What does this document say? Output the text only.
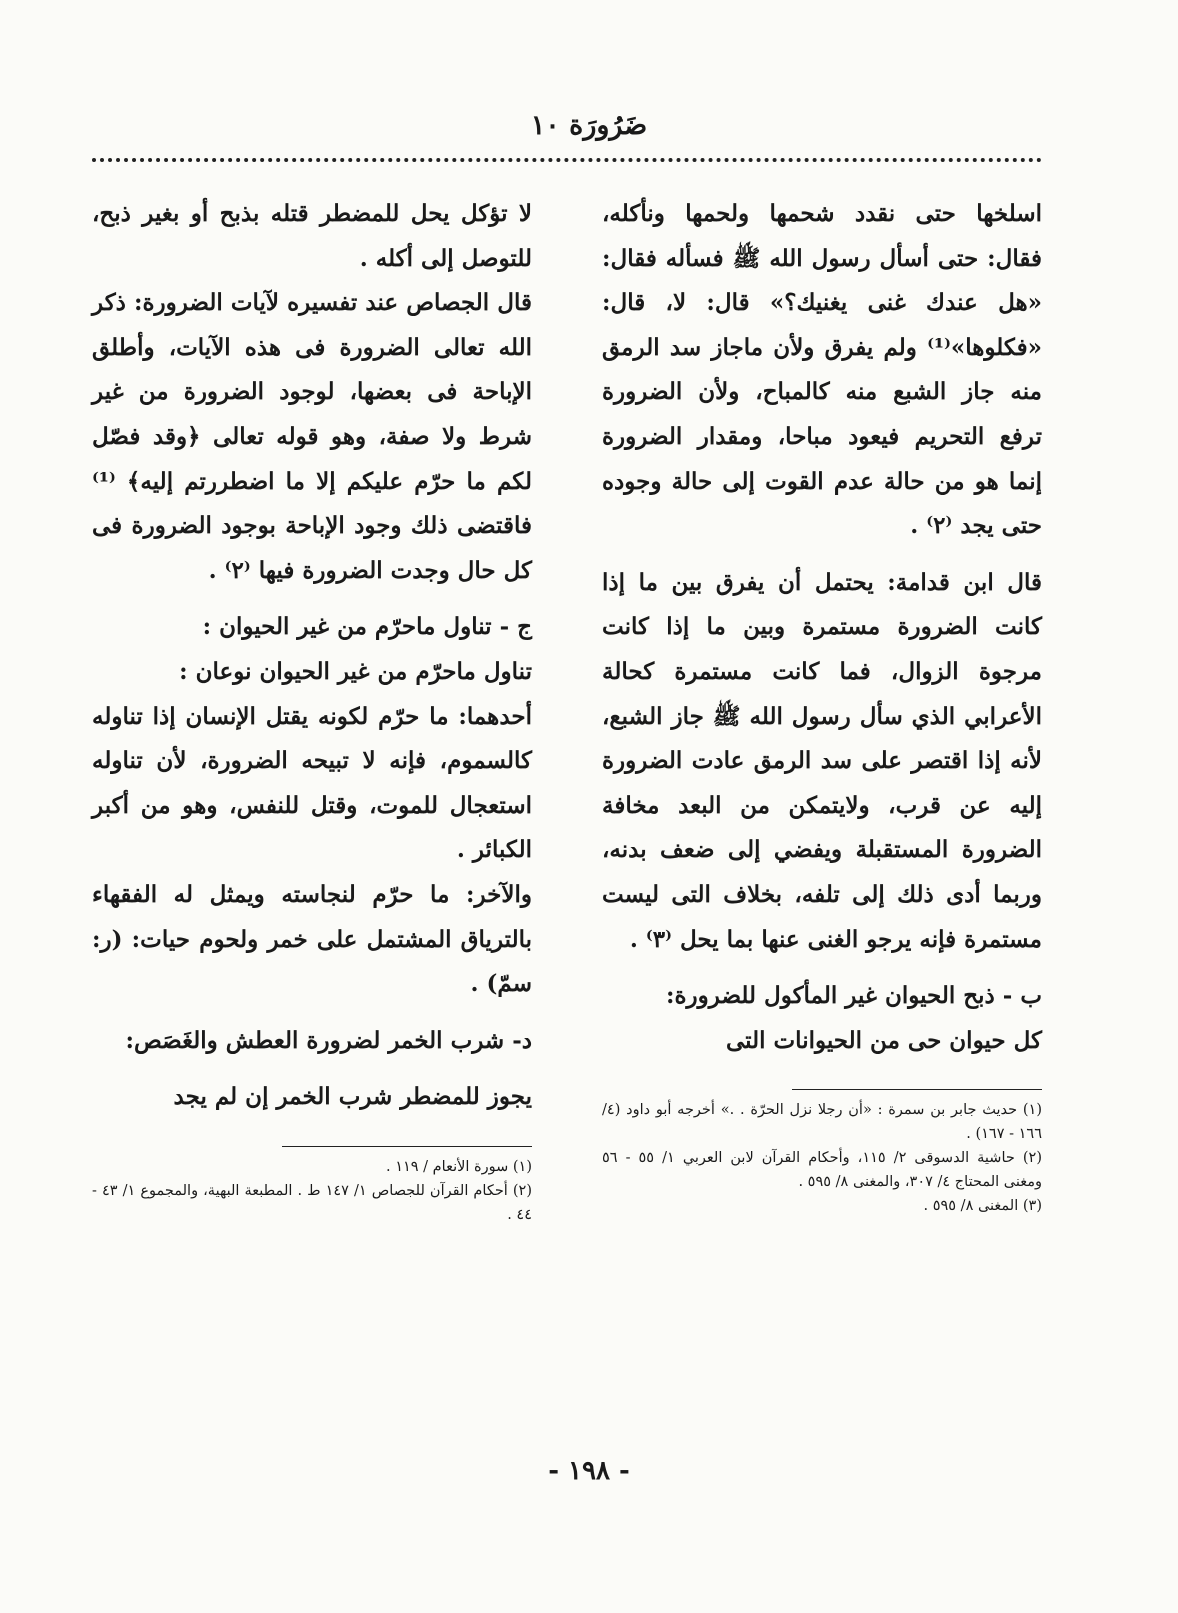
ضَرُورَة ١٠

اسلخها حتى نقدد شحمها ولحمها ونأكله، فقال: حتى أسأل رسول الله ﷺ فسأله فقال: «هل عندك غنى يغنيك؟» قال: لا، قال: «فكلوها»⁽¹⁾ ولم يفرق ولأن ماجاز سد الرمق منه جاز الشبع منه كالمباح، ولأن الضرورة ترفع التحريم فيعود مباحا، ومقدار الضرورة إنما هو من حالة عدم القوت إلى حالة وجوده حتى يجد ⁽٢⁾ .

قال ابن قدامة: يحتمل أن يفرق بين ما إذا كانت الضرورة مستمرة وبين ما إذا كانت مرجوة الزوال، فما كانت مستمرة كحالة الأعرابي الذي سأل رسول الله ﷺ جاز الشبع، لأنه إذا اقتصر على سد الرمق عادت الضرورة إليه عن قرب، ولايتمكن من البعد مخافة الضرورة المستقبلة ويفضي إلى ضعف بدنه، وربما أدى ذلك إلى تلفه، بخلاف التى ليست مستمرة فإنه يرجو الغنى عنها بما يحل ⁽٣⁾ .

ب - ذبح الحيوان غير المأكول للضرورة:

كل حيوان حى من الحيوانات التى

(١) حديث جابر بن سمرة : «أن رجلا نزل الحرّة . .» أخرجه أبو داود (٤/ ١٦٦ - ١٦٧) .

(٢) حاشية الدسوقى ٢/ ١١٥، وأحكام القرآن لابن العربي ١/ ٥٥ - ٥٦ ومغنى المحتاج ٤/ ٣٠٧، والمغنى ٨/ ٥٩٥ .

(٣) المغنى ٨/ ٥٩٥ .

لا تؤكل يحل للمضطر قتله بذبح أو بغير ذبح، للتوصل إلى أكله .

قال الجصاص عند تفسيره لآيات الضرورة: ذكر الله تعالى الضرورة فى هذه الآيات، وأطلق الإباحة فى بعضها، لوجود الضرورة من غير شرط ولا صفة، وهو قوله تعالى ﴿وقد فصّل لكم ما حرّم عليكم إلا ما اضطررتم إليه﴾ ⁽¹⁾ فاقتضى ذلك وجود الإباحة بوجود الضرورة فى كل حال وجدت الضرورة فيها ⁽٢⁾ .

ج - تناول ماحرّم من غير الحيوان :

تناول ماحرّم من غير الحيوان نوعان :

أحدهما: ما حرّم لكونه يقتل الإنسان إذا تناوله كالسموم، فإنه لا تبيحه الضرورة، لأن تناوله استعجال للموت، وقتل للنفس، وهو من أكبر الكبائر .

والآخر: ما حرّم لنجاسته ويمثل له الفقهاء بالترياق المشتمل على خمر ولحوم حيات: (ر: سمّ) .

د- شرب الخمر لضرورة العطش والغَصَص:

يجوز للمضطر شرب الخمر إن لم يجد

(١) سورة الأنعام / ١١٩ .

(٢) أحكام القرآن للجصاص ١/ ١٤٧ ط . المطبعة البهية، والمجموع ١/ ٤٣ - ٤٤ .

- ١٩٨ -
